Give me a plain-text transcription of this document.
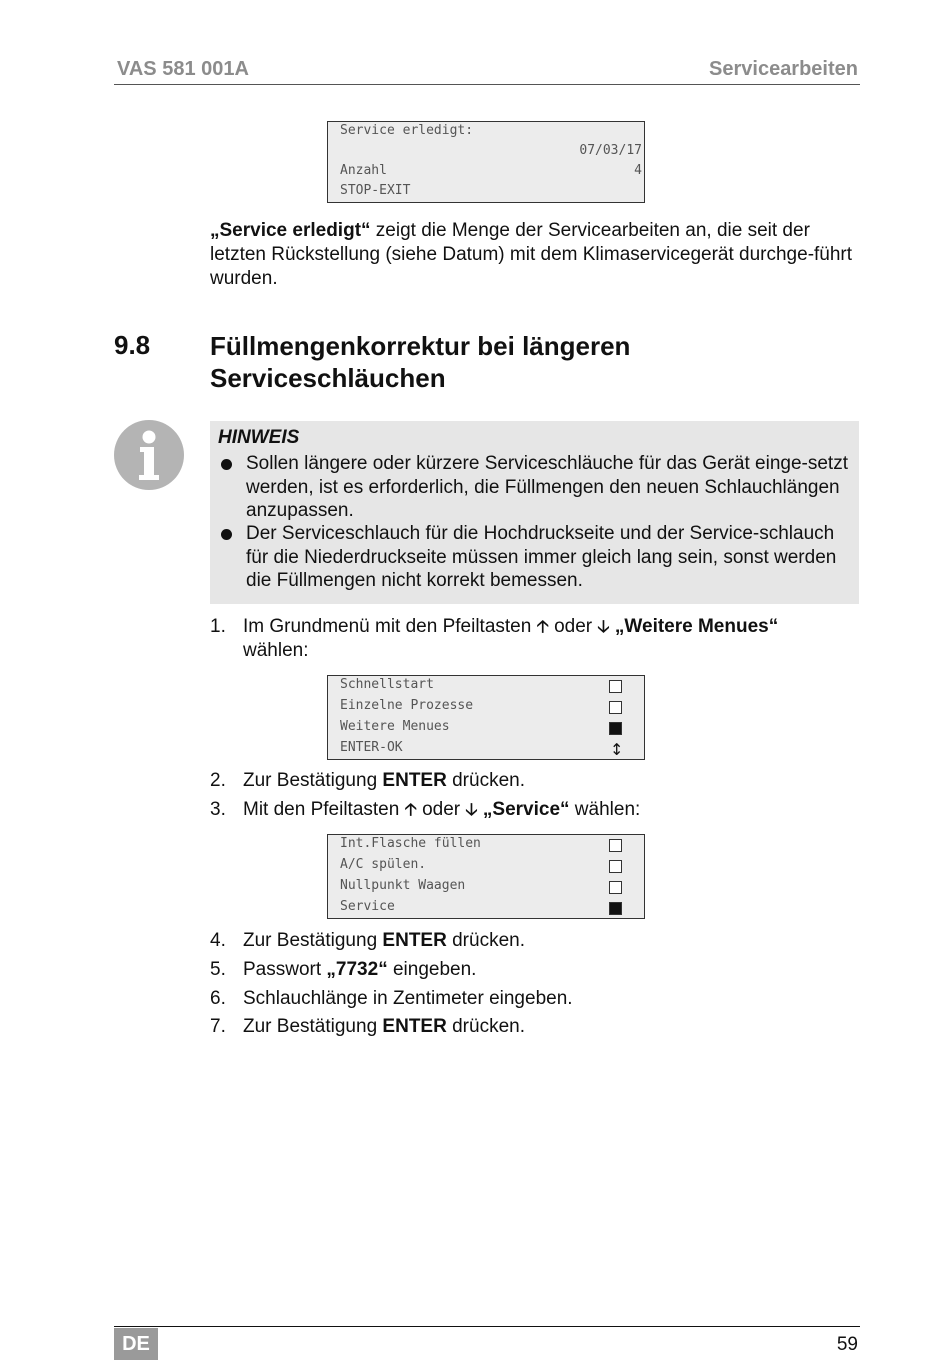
VAS 581 001A	Servicearbeiten
Service erledigt:
07/03/17
Anzahl	4
STOP-EXIT
„Service erledigt“ zeigt die Menge der Servicearbeiten an, die seit der letzten Rückstellung (siehe Datum) mit dem Klimaservicegerät durchge-führt wurden.
9.8 Füllmengenkorrektur bei längeren Serviceschläuchen
HINWEIS
Sollen längere oder kürzere Serviceschläuche für das Gerät einge-setzt werden, ist es erforderlich, die Füllmengen den neuen Schlauchlängen anzupassen.
Der Serviceschlauch für die Hochdruckseite und der Service-schlauch für die Niederdruckseite müssen immer gleich lang sein, sonst werden die Füllmengen nicht korrekt bemessen.
1. Im Grundmenü mit den Pfeiltasten 🡡 oder 🡣 „Weitere Menues“
wählen:
Schnellstart
Einzelne Prozesse
Weitere Menues
ENTER-OK	↕
2. Zur Bestätigung ENTER drücken.
3. Mit den Pfeiltasten 🡡 oder 🡣 „Service“ wählen:
Int.Flasche füllen
A/C spülen.
Nullpunkt Waagen
Service
4. Zur Bestätigung ENTER drücken.
5. Passwort „7732“ eingeben.
6. Schlauchlänge in Zentimeter eingeben.
7. Zur Bestätigung ENTER drücken.
DE	59
